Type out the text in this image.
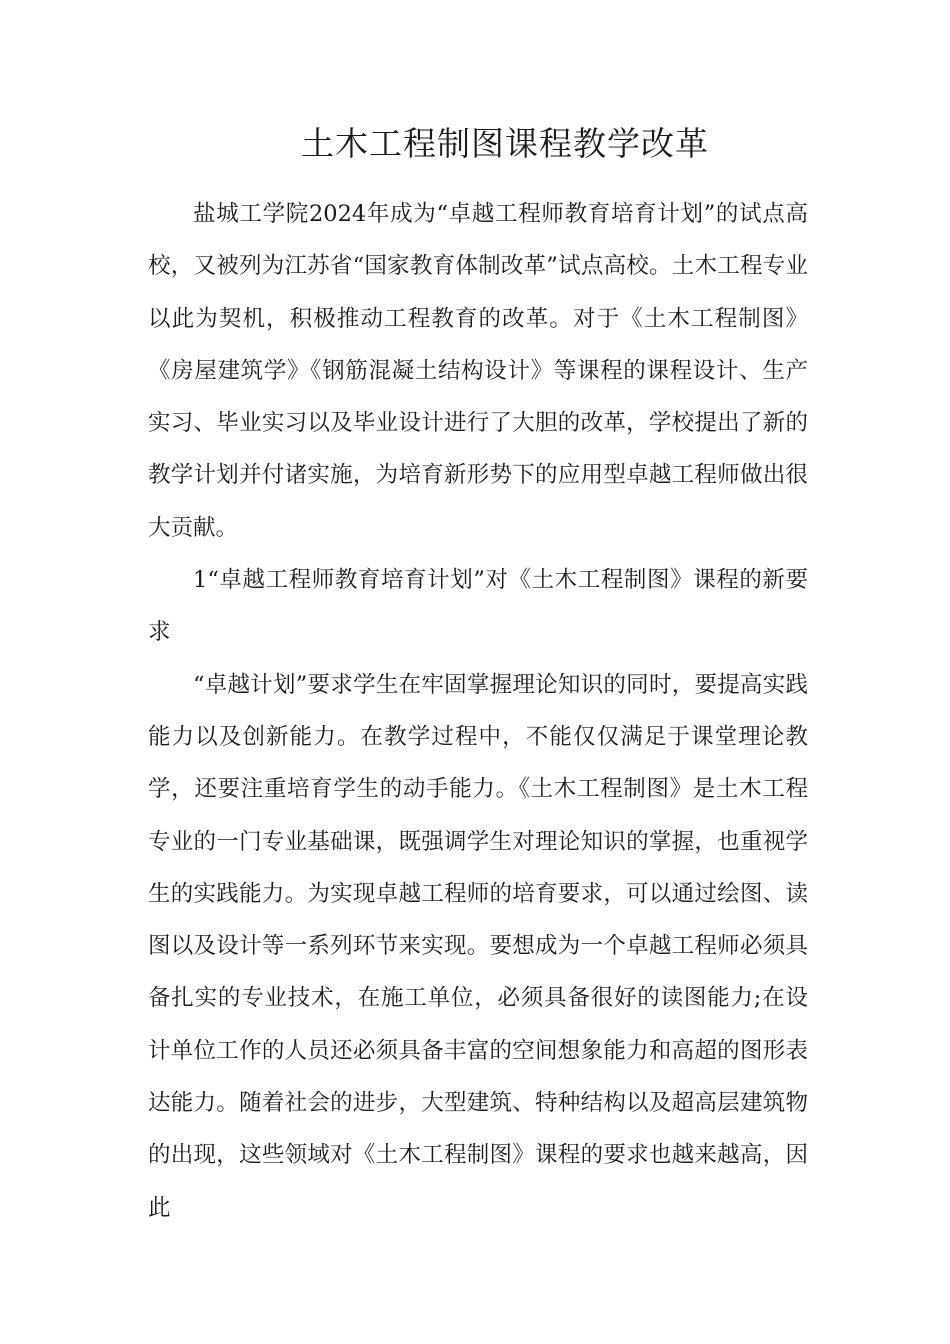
土木工程制图课程教学改革

盐城工学院2024年成为“卓越工程师教育培育计划”的试点高校，又被列为江苏省“国家教育体制改革”试点高校。土木工程专业以此为契机，积极推动工程教育的改革。对于《土木工程制图》《房屋建筑学》《钢筋混凝土结构设计》等课程的课程设计、生产实习、毕业实习以及毕业设计进行了大胆的改革，学校提出了新的教学计划并付诸实施，为培育新形势下的应用型卓越工程师做出很大贡献。

1“卓越工程师教育培育计划”对《土木工程制图》课程的新要求

“卓越计划”要求学生在牢固掌握理论知识的同时，要提高实践能力以及创新能力。在教学过程中，不能仅仅满足于课堂理论教学，还要注重培育学生的动手能力。《土木工程制图》是土木工程专业的一门专业基础课，既强调学生对理论知识的掌握，也重视学生的实践能力。为实现卓越工程师的培育要求，可以通过绘图、读图以及设计等一系列环节来实现。要想成为一个卓越工程师必须具备扎实的专业技术，在施工单位，必须具备很好的读图能力;在设计单位工作的人员还必须具备丰富的空间想象能力和高超的图形表达能力。随着社会的进步，大型建筑、特种结构以及超高层建筑物的出现，这些领域对《土木工程制图》课程的要求也越来越高，因此
